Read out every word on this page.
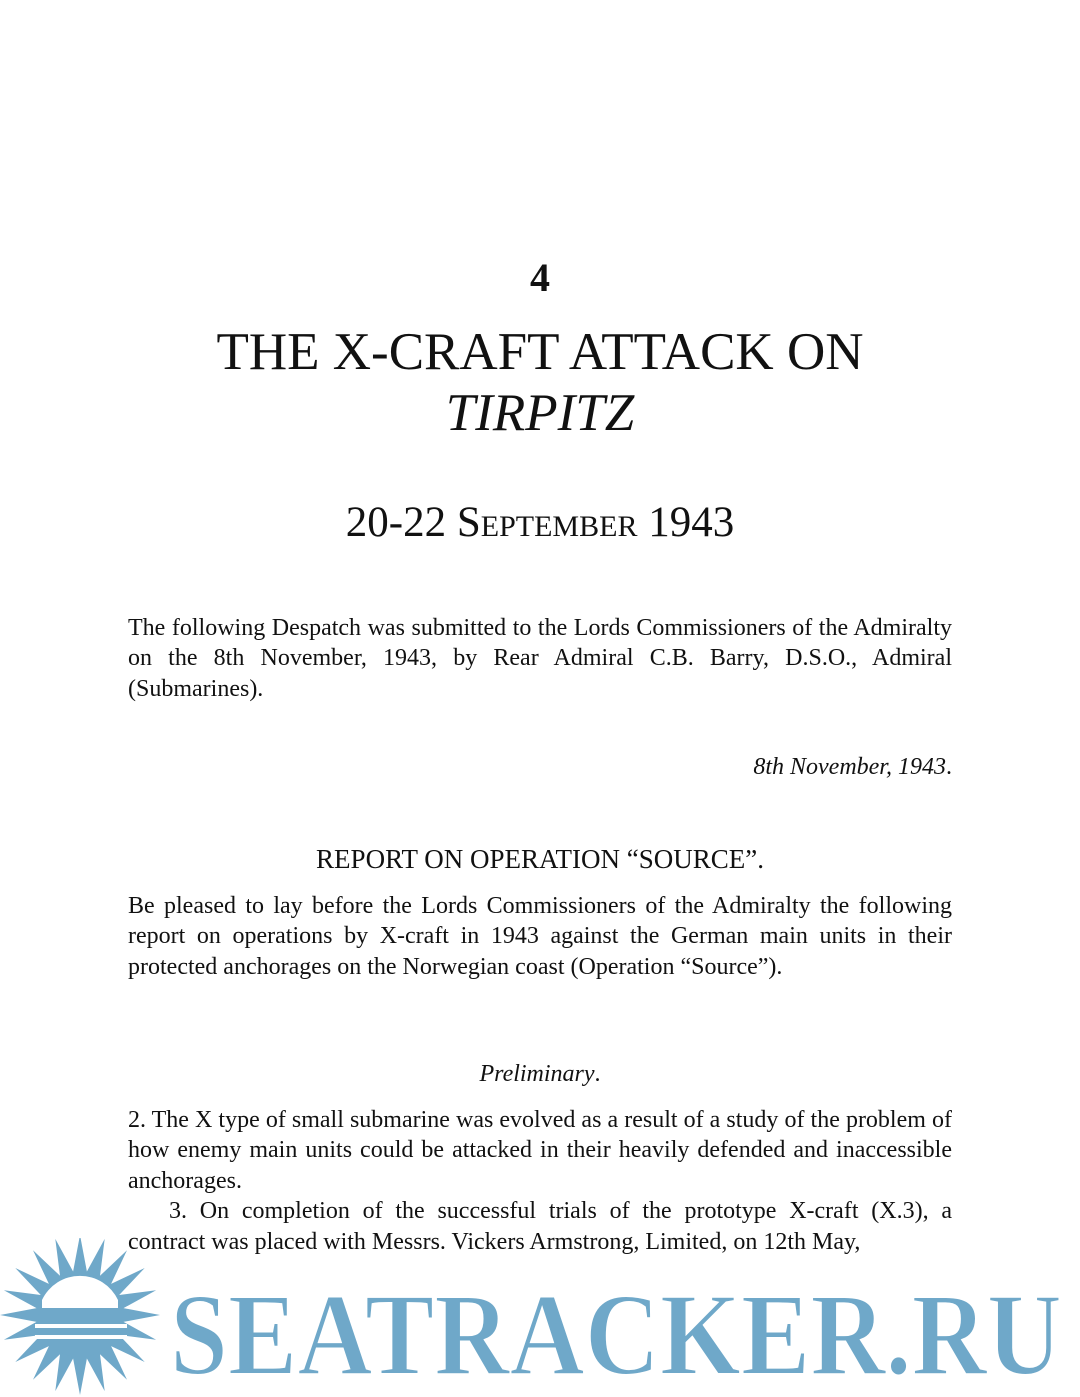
4
THE X-CRAFT ATTACK ON
TIRPITZ
20-22 September 1943

The following Despatch was submitted to the Lords Commissioners of the Admiralty on the 8th November, 1943, by Rear Admiral C.B. Barry, D.S.O., Admiral (Submarines).

8th November, 1943.
REPORT ON OPERATION “SOURCE”.

Be pleased to lay before the Lords Commissioners of the Admiralty the following report on operations by X-craft in 1943 against the German main units in their protected anchorages on the Norwegian coast (Operation “Source”).

Preliminary.

2. The X type of small submarine was evolved as a result of a study of the problem of how enemy main units could be attacked in their heavily defended and inaccessible anchorages.
3. On completion of the successful trials of the prototype X-craft (X.3), a contract was placed with Messrs. Vickers Armstrong, Limited, on 12th May,

SEATRACKER.RU
